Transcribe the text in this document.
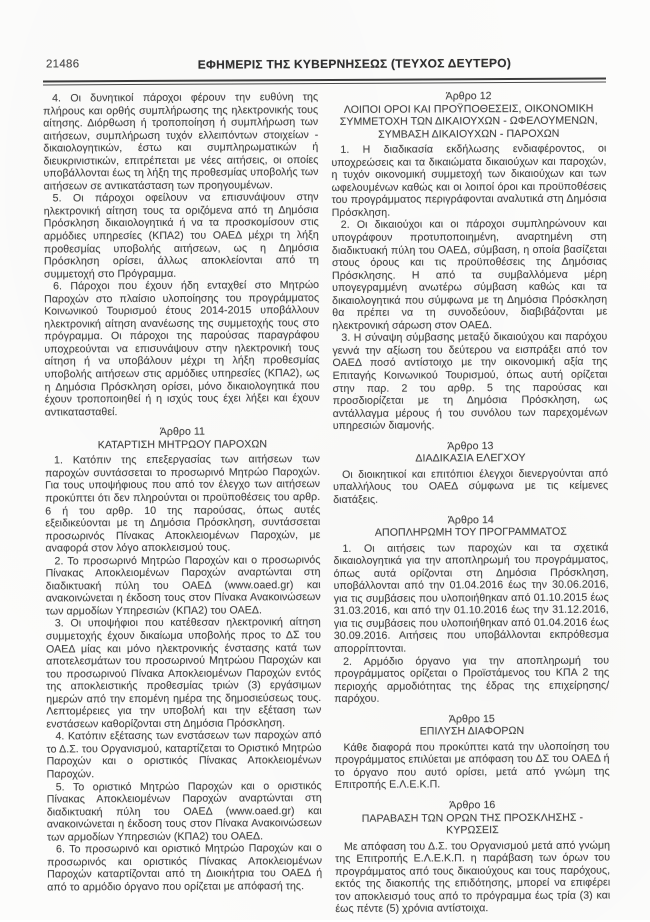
21486	ΕΦΗΜΕΡΙΣ ΤΗΣ ΚΥΒΕΡΝΗΣΕΩΣ (ΤΕΥΧΟΣ ΔΕΥΤΕΡΟ)

4. Οι δυνητικοί πάροχοι φέρουν την ευθύνη της πλήρους και ορθής συμπλήρωσης της ηλεκτρονικής τους αίτησης. Διόρθωση ή τροποποίηση ή συμπλήρωση των αιτήσεων, συμπλήρωση τυχόν ελλειπόντων στοιχείων - δικαιολογητικών, έστω και συμπληρωματικών ή διευκρινιστικών, επιτρέπεται με νέες αιτήσεις, οι οποίες υποβάλλονται έως τη λήξη της προθεσμίας υποβολής των αιτήσεων σε αντικατάσταση των προηγουμένων.

5. Οι πάροχοι οφείλουν να επισυνάψουν στην ηλεκτρονική αίτηση τους τα οριζόμενα από τη Δημόσια Πρόσκληση δικαιολογητικά ή να τα προσκομίσουν στις αρμόδιες υπηρεσίες (ΚΠΑ2) του ΟΑΕΔ μέχρι τη λήξη προθεσμίας υποβολής αιτήσεων, ως η Δημόσια Πρόσκληση ορίσει, άλλως αποκλείονται από τη συμμετοχή στο Πρόγραμμα.

6. Πάροχοι που έχουν ήδη ενταχθεί στο Μητρώο Παροχών στο πλαίσιο υλοποίησης του προγράμματος Κοινωνικού Τουρισμού έτους 2014-2015 υποβάλλουν ηλεκτρονική αίτηση ανανέωσης της συμμετοχής τους στο πρόγραμμα. Οι πάροχοι της παρούσας παραγράφου υποχρεούνται να επισυνάψουν στην ηλεκτρονική τους αίτηση ή να υποβάλουν μέχρι τη λήξη προθεσμίας υποβολής αιτήσεων στις αρμόδιες υπηρεσίες (ΚΠΑ2), ως η Δημόσια Πρόσκληση ορίσει, μόνο δικαιολογητικά που έχουν τροποποιηθεί ή η ισχύς τους έχει λήξει και έχουν αντικατασταθεί.

Άρθρο 11
ΚΑΤΑΡΤΙΣΗ ΜΗΤΡΩΟΥ ΠΑΡΟΧΩΝ

1. Κατόπιν της επεξεργασίας των αιτήσεων των παροχών συντάσσεται το προσωρινό Μητρώο Παροχών. Για τους υποψήφιους που από τον έλεγχο των αιτήσεων προκύπτει ότι δεν πληρούνται οι προϋποθέσεις του αρθρ. 6 ή του αρθρ. 10 της παρούσας, όπως αυτές εξειδικεύονται με τη Δημόσια Πρόσκληση, συντάσσεται προσωρινός Πίνακας Αποκλειομένων Παροχών, με αναφορά στον λόγο αποκλεισμού τους.

2. Το προσωρινό Μητρώο Παροχών και ο προσωρινός Πίνακας Αποκλειομένων Παροχών αναρτώνται στη διαδικτυακή πύλη του ΟΑΕΔ (www.oaed.gr) και ανακοινώνεται η έκδοση τους στον Πίνακα Ανακοινώσεων των αρμοδίων Υπηρεσιών (ΚΠΑ2) του ΟΑΕΔ.

3. Οι υποψήφιοι που κατέθεσαν ηλεκτρονική αίτηση συμμετοχής έχουν δικαίωμα υποβολής προς το ΔΣ του ΟΑΕΔ μίας και μόνο ηλεκτρονικής ένστασης κατά των αποτελεσμάτων του προσωρινού Μητρώου Παροχών και του προσωρινού Πίνακα Αποκλειομένων Παροχών εντός της αποκλειστικής προθεσμίας τριών (3) εργάσιμων ημερών από την επομένη ημέρα της δημοσιεύσεως τους. Λεπτομέρειες για την υποβολή και την εξέταση των ενστάσεων καθορίζονται στη Δημόσια Πρόσκληση.

4. Κατόπιν εξέτασης των ενστάσεων των παροχών από το Δ.Σ. του Οργανισμού, καταρτίζεται το Οριστικό Μητρώο Παροχών και ο οριστικός Πίνακας Αποκλειομένων Παροχών.

5. Το οριστικό Μητρώο Παροχών και ο οριστικός Πίνακας Αποκλειομένων Παροχών αναρτώνται στη διαδικτυακή πύλη του ΟΑΕΔ (www.oaed.gr) και ανακοινώνεται η έκδοση τους στον Πίνακα Ανακοινώσεων των αρμοδίων Υπηρεσιών (ΚΠΑ2) του ΟΑΕΔ.

6. Το προσωρινό και οριστικό Μητρώο Παροχών και ο προσωρινός και οριστικός Πίνακας Αποκλειομένων Παροχών καταρτίζονται από τη Διοικήτρια του ΟΑΕΔ ή από το αρμόδιο όργανο που ορίζεται με απόφασή της.

Άρθρο 12
ΛΟΙΠΟΙ ΟΡΟΙ ΚΑΙ ΠΡΟΫΠΟΘΕΣΕΙΣ, ΟΙΚΟΝΟΜΙΚΗ ΣΥΜΜΕΤΟΧΗ ΤΩΝ ΔΙΚΑΙΟΥΧΩΝ - ΩΦΕΛΟΥΜΕΝΩΝ, ΣΥΜΒΑΣΗ ΔΙΚΑΙΟΥΧΩΝ - ΠΑΡΟΧΩΝ

1. Η διαδικασία εκδήλωσης ενδιαφέροντος, οι υποχρεώσεις και τα δικαιώματα δικαιούχων και παροχών, η τυχόν οικονομική συμμετοχή των δικαιούχων και των ωφελουμένων καθώς και οι λοιποί όροι και προϋποθέσεις του προγράμματος περιγράφονται αναλυτικά στη Δημόσια Πρόσκληση.

2. Οι δικαιούχοι και οι πάροχοι συμπληρώνουν και υπογράφουν προτυποποιημένη, αναρτημένη στη διαδικτυακή πύλη του ΟΑΕΔ, σύμβαση, η οποία βασίζεται στους όρους και τις προϋποθέσεις της Δημόσιας Πρόσκλησης. Η από τα συμβαλλόμενα μέρη υπογεγραμμένη ανωτέρω σύμβαση καθώς και τα δικαιολογητικά που σύμφωνα με τη Δημόσια Πρόσκληση θα πρέπει να τη συνοδεύουν, διαβιβάζονται με ηλεκτρονική σάρωση στον ΟΑΕΔ.

3. Η σύναψη σύμβασης μεταξύ δικαιούχου και παρόχου γεννά την αξίωση του δεύτερου να εισπράξει από τον ΟΑΕΔ ποσό αντίστοιχο με την οικονομική αξία της Επιταγής Κοινωνικού Τουρισμού, όπως αυτή ορίζεται στην παρ. 2 του αρθρ. 5 της παρούσας και προσδιορίζεται με τη Δημόσια Πρόσκληση, ως αντάλλαγμα μέρους ή του συνόλου των παρεχομένων υπηρεσιών διαμονής.

Άρθρο 13
ΔΙΑΔΙΚΑΣΙΑ ΕΛΕΓΧΟΥ

Οι διοικητικοί και επιτόπιοι έλεγχοι διενεργούνται από υπαλλήλους του ΟΑΕΔ σύμφωνα με τις κείμενες διατάξεις.

Άρθρο 14
ΑΠΟΠΛΗΡΩΜΗ ΤΟΥ ΠΡΟΓΡΑΜΜΑΤΟΣ

1. Οι αιτήσεις των παροχών και τα σχετικά δικαιολογητικά για την αποπληρωμή του προγράμματος, όπως αυτά ορίζονται στη Δημόσια Πρόσκληση, υποβάλλονται από την 01.04.2016 έως την 30.06.2016, για τις συμβάσεις που υλοποιήθηκαν από 01.10.2015 έως 31.03.2016, και από την 01.10.2016 έως την 31.12.2016, για τις συμβάσεις που υλοποιήθηκαν από 01.04.2016 έως 30.09.2016. Αιτήσεις που υποβάλλονται εκπρόθεσμα απορρίπτονται.

2. Αρμόδιο όργανο για την αποπληρωμή του προγράμματος ορίζεται ο Προϊστάμενος του ΚΠΑ 2 της περιοχής αρμοδιότητας της έδρας της επιχείρησης/παρόχου.

Άρθρο 15
ΕΠΙΛΥΣΗ ΔΙΑΦΟΡΩΝ

Κάθε διαφορά που προκύπτει κατά την υλοποίηση του προγράμματος επιλύεται με απόφαση του ΔΣ του ΟΑΕΔ ή το όργανο που αυτό ορίσει, μετά από γνώμη της Επιτροπής Ε.Λ.Ε.Κ.Π.

Άρθρο 16
ΠΑΡΑΒΑΣΗ ΤΩΝ ΟΡΩΝ ΤΗΣ ΠΡΟΣΚΛΗΣΗΣ - ΚΥΡΩΣΕΙΣ

Με απόφαση του Δ.Σ. του Οργανισμού μετά από γνώμη της Επιτροπής Ε.Λ.Ε.Κ.Π. η παράβαση των όρων του προγράμματος από τους δικαιούχους και τους παρόχους, εκτός της διακοπής της επιδότησης, μπορεί να επιφέρει τον αποκλεισμό τους από το πρόγραμμα έως τρία (3) και έως πέντε (5) χρόνια αντίστοιχα.
